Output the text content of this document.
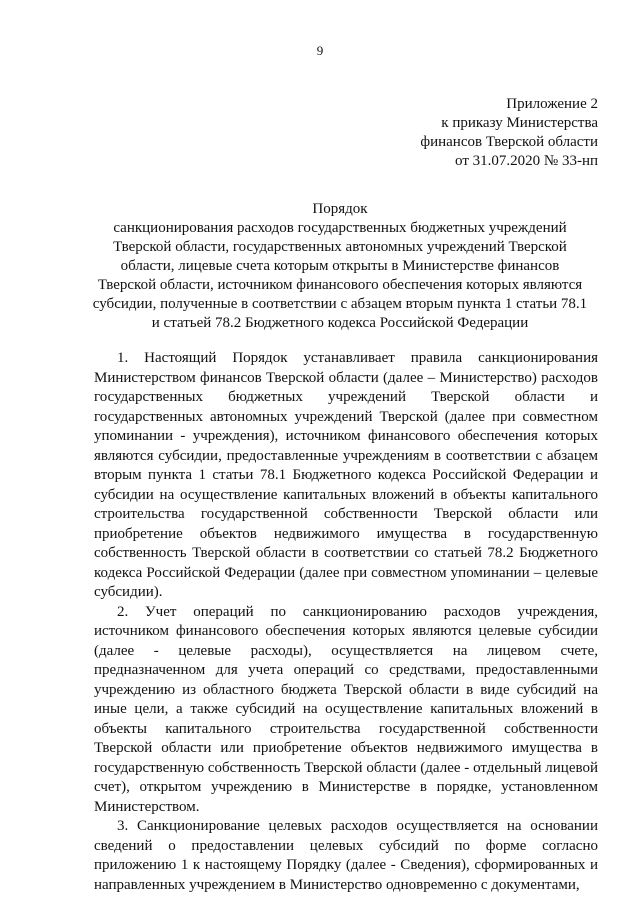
9
Приложение 2
к приказу Министерства
финансов Тверской области
от 31.07.2020 № 33-нп
Порядок
санкционирования расходов государственных бюджетных учреждений
Тверской области, государственных автономных учреждений Тверской
области, лицевые счета которым открыты в Министерстве финансов
Тверской области, источником финансового обеспечения которых являются
субсидии, полученные в соответствии с абзацем вторым пункта 1 статьи 78.1
и статьей 78.2 Бюджетного кодекса Российской Федерации

1. Настоящий Порядок устанавливает правила санкционирования Министерством финансов Тверской области (далее – Министерство) расходов государственных бюджетных учреждений Тверской области и государственных автономных учреждений Тверской (далее при совместном упоминании - учреждения), источником финансового обеспечения которых являются субсидии, предоставленные учреждениям в соответствии с абзацем вторым пункта 1 статьи 78.1 Бюджетного кодекса Российской Федерации и субсидии на осуществление капитальных вложений в объекты капитального строительства государственной собственности Тверской области или приобретение объектов недвижимого имущества в государственную собственность Тверской области в соответствии со статьей 78.2 Бюджетного кодекса Российской Федерации (далее при совместном упоминании – целевые субсидии).

2. Учет операций по санкционированию расходов учреждения, источником финансового обеспечения которых являются целевые субсидии (далее - целевые расходы), осуществляется на лицевом счете, предназначенном для учета операций со средствами, предоставленными учреждению из областного бюджета Тверской области в виде субсидий на иные цели, а также субсидий на осуществление капитальных вложений в объекты капитального строительства государственной собственности Тверской области или приобретение объектов недвижимого имущества в государственную собственность Тверской области (далее - отдельный лицевой счет), открытом учреждению в Министерстве в порядке, установленном Министерством.

3. Санкционирование целевых расходов осуществляется на основании сведений о предоставлении целевых субсидий по форме согласно приложению 1 к настоящему Порядку (далее - Сведения), сформированных и направленных учреждением в Министерство одновременно с документами,
